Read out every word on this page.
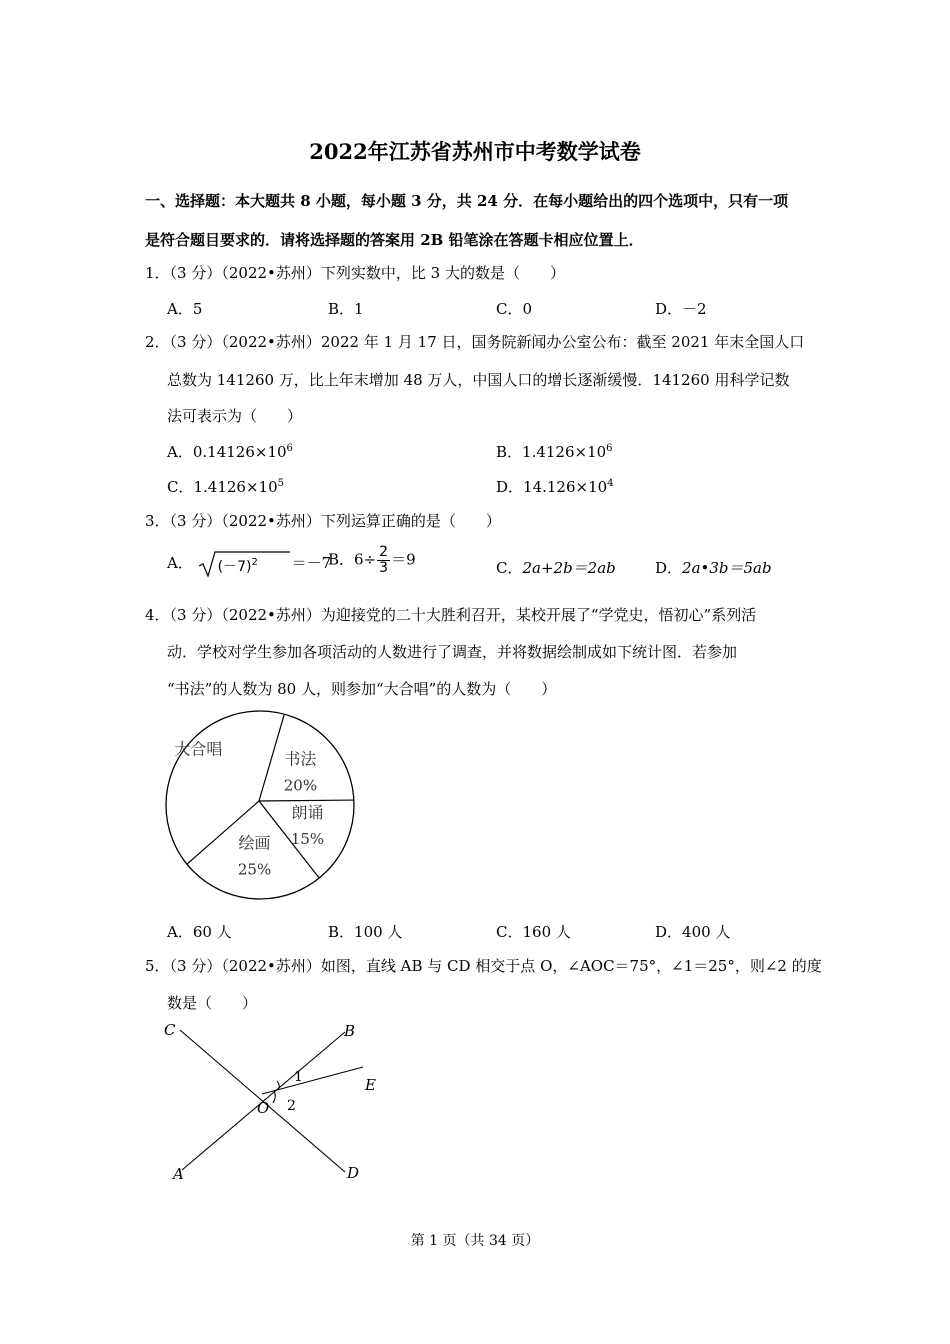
2022年江苏省苏州市中考数学试卷
一、选择题：本大题共 8 小题，每小题 3 分，共 24 分．在每小题给出的四个选项中，只有一项
是符合题目要求的．请将选择题的答案用 2B 铅笔涂在答题卡相应位置上．
1．（3 分）（2022•苏州）下列实数中，比 3 大的数是（　　）
A．5	B．1	C．0	D．－2
2．（3 分）（2022•苏州）2022 年 1 月 17 日，国务院新闻办公室公布：截至 2021 年末全国人口
总数为 141260 万，比上年末增加 48 万人，中国人口的增长逐渐缓慢．141260 用科学记数
法可表示为（　　）
A．$0.14126\times 10^6$	B．$1.4126\times 10^6$
C．$1.4126\times 10^5$	D．$14.126\times 10^4$
3．（3 分）（2022•苏州）下列运算正确的是（　　）
A． $(-7)^2 =-7$
B．$6\div \frac{2}{3} =9$	C．2a+2b＝2ab	D．2a•3b＝5ab
4．（3 分）（2022•苏州）为迎接党的二十大胜利召开，某校开展了“学党史，悟初心”系列活
动．学校对学生参加各项活动的人数进行了调查，并将数据绘制成如下统计图．若参加
“书法”的人数为 80 人，则参加“大合唱”的人数为（　　）
书法
20%
朗诵
15%
绘画
25%
大合唱
A．60 人	B．100 人	C．160 人	D．400 人
5．（3 分）（2022•苏州）如图，直线 AB 与 CD 相交于点 O，∠AOC＝75°，∠1＝25°，则∠2 的度
数是（　　）
C	B
E
O
1
2
A	D
第 1 页（共 34 页）
